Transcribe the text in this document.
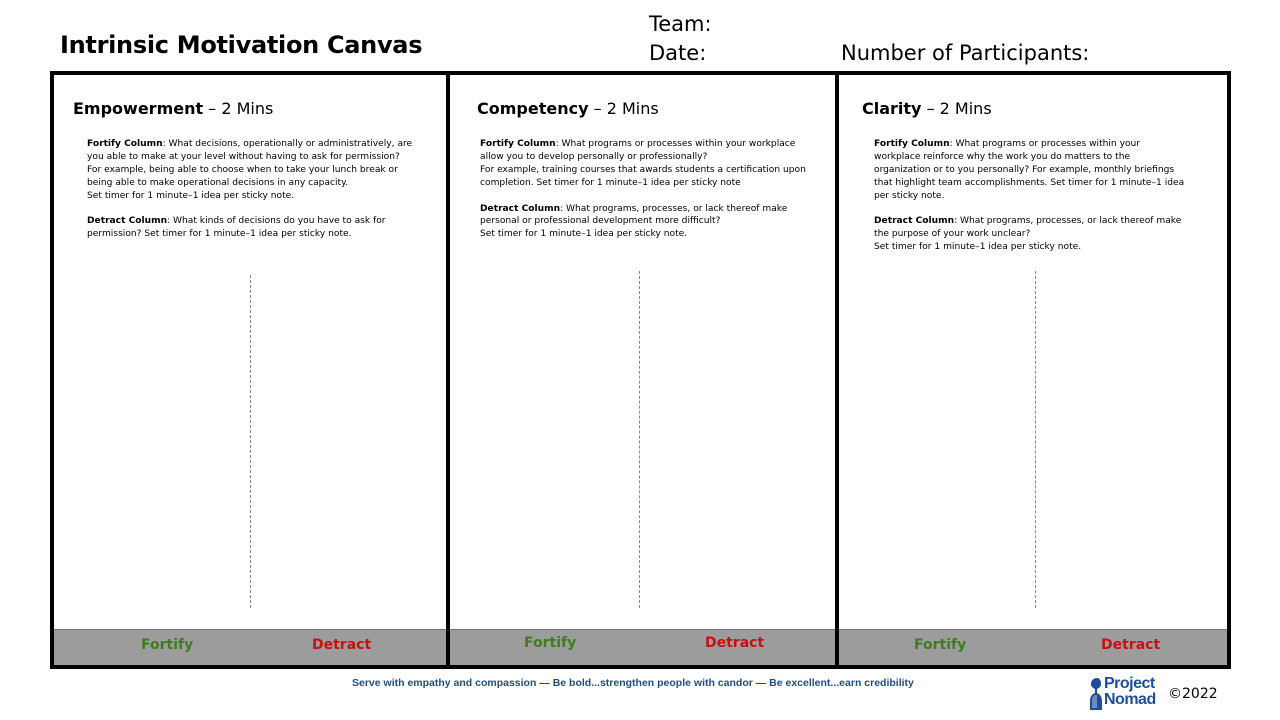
Intrinsic Motivation Canvas
Team:
Date:	Number of Participants:
Empowerment – 2 Mins

Fortify Column: What decisions, operationally or administratively, are you able to make at your level without having to ask for permission?
For example, being able to choose when to take your lunch break or being able to make operational decisions in any capacity.
Set timer for 1 minute–1 idea per sticky note.

Detract Column: What kinds of decisions do you have to ask for permission? Set timer for 1 minute–1 idea per sticky note.

Fortify	Detract
Competency – 2 Mins

Fortify Column: What programs or processes within your workplace allow you to develop personally or professionally?
For example, training courses that awards students a certification upon completion. Set timer for 1 minute–1 idea per sticky note

Detract Column: What programs, processes, or lack thereof make personal or professional development more difficult?
Set timer for 1 minute–1 idea per sticky note.

Fortify	Detract
Clarity – 2 Mins

Fortify Column: What programs or processes within your workplace reinforce why the work you do matters to the organization or to you personally? For example, monthly briefings that highlight team accomplishments. Set timer for 1 minute–1 idea per sticky note.

Detract Column: What programs, processes, or lack thereof make the purpose of your work unclear?
Set timer for 1 minute–1 idea per sticky note.

Fortify	Detract
Serve with empathy and compassion — Be bold...strengthen people with candor — Be excellent...earn credibility	Project
Nomad ©2022
